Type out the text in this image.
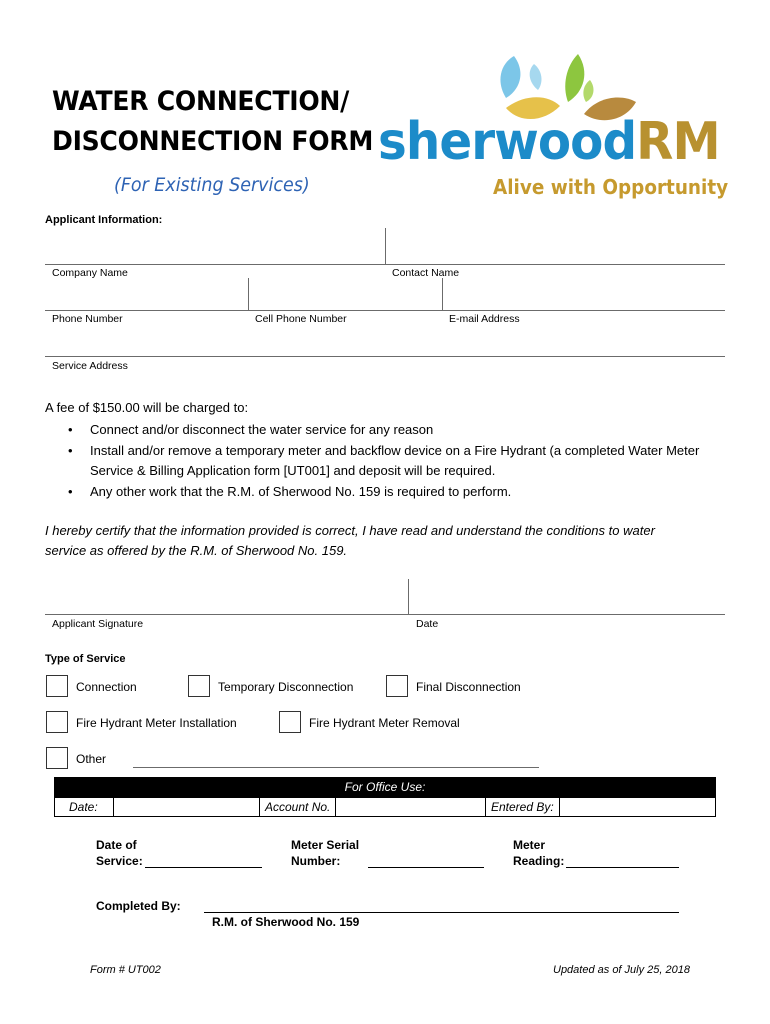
WATER CONNECTION/
DISCONNECTION FORM
(For Existing Services)
sherwoodRM
Alive with Opportunity
Applicant Information:
Company Name	Contact Name
Phone Number	Cell Phone Number	E-mail Address
Service Address
A fee of $150.00 will be charged to:
• Connect and/or disconnect the water service for any reason
• Install and/or remove a temporary meter and backflow device on a Fire Hydrant (a completed Water Meter Service & Billing Application form [UT001] and deposit will be required.
• Any other work that the R.M. of Sherwood No. 159 is required to perform.
I hereby certify that the information provided is correct, I have read and understand the conditions to water service as offered by the R.M. of Sherwood No. 159.
Applicant Signature	Date
Type of Service
Connection	Temporary Disconnection	Final Disconnection
Fire Hydrant Meter Installation	Fire Hydrant Meter Removal
Other
For Office Use:
Date:	Account No.	Entered By:
Date of
Service:
Meter Serial
Number:
Meter
Reading:
Completed By:
R.M. of Sherwood No. 159
Form # UT002	Updated as of July 25, 2018
